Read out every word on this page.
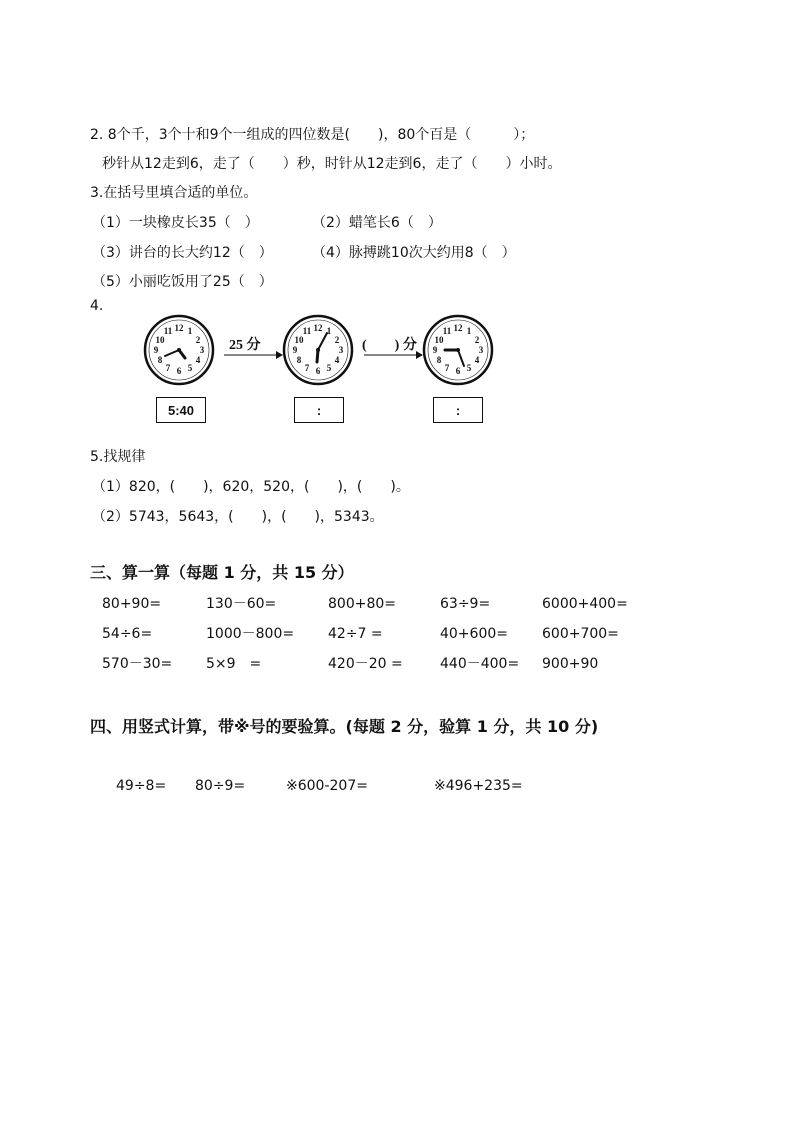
2. 8个千，3个十和9个一组成的四位数是(　　)，80个百是（　　　）；
秒针从12走到6，走了（　　）秒，时针从12走到6，走了（　　）小时。
3.在括号里填合适的单位。
（1）一块橡皮长35（　）	（2）蜡笔长6（　）
（3）讲台的长大约12（　）	（4）脉搏跳10次大约用8（　）
（5）小丽吃饭用了25（　）
4.
12 1
2
3
4
5
6
7
8
9
10
11	12 1
2
3
4
5
6
7
8
9
10
11	12 1
2
3
4
5
6
7
8
9
10
11
25 分	(　　) 分
5:40	:	:
5.找规律
（1）820，(　　)，620，520，(　　)，(　　)。
（2）5743，5643，(　　)，(　　)，5343。
三、算一算（每题 1 分，共 15 分）
80+90=	130－60=	800+80=	63÷9=	6000+400=
54÷6=	1000－800= 42÷7 =	40+600= 600+700=
570－30= 5×9　=	420－20 =	440－400= 900+90
四、用竖式计算，带※号的要验算。(每题 2 分，验算 1 分，共 10 分)
49÷8= 80÷9=	※600-207=	※496+235=
